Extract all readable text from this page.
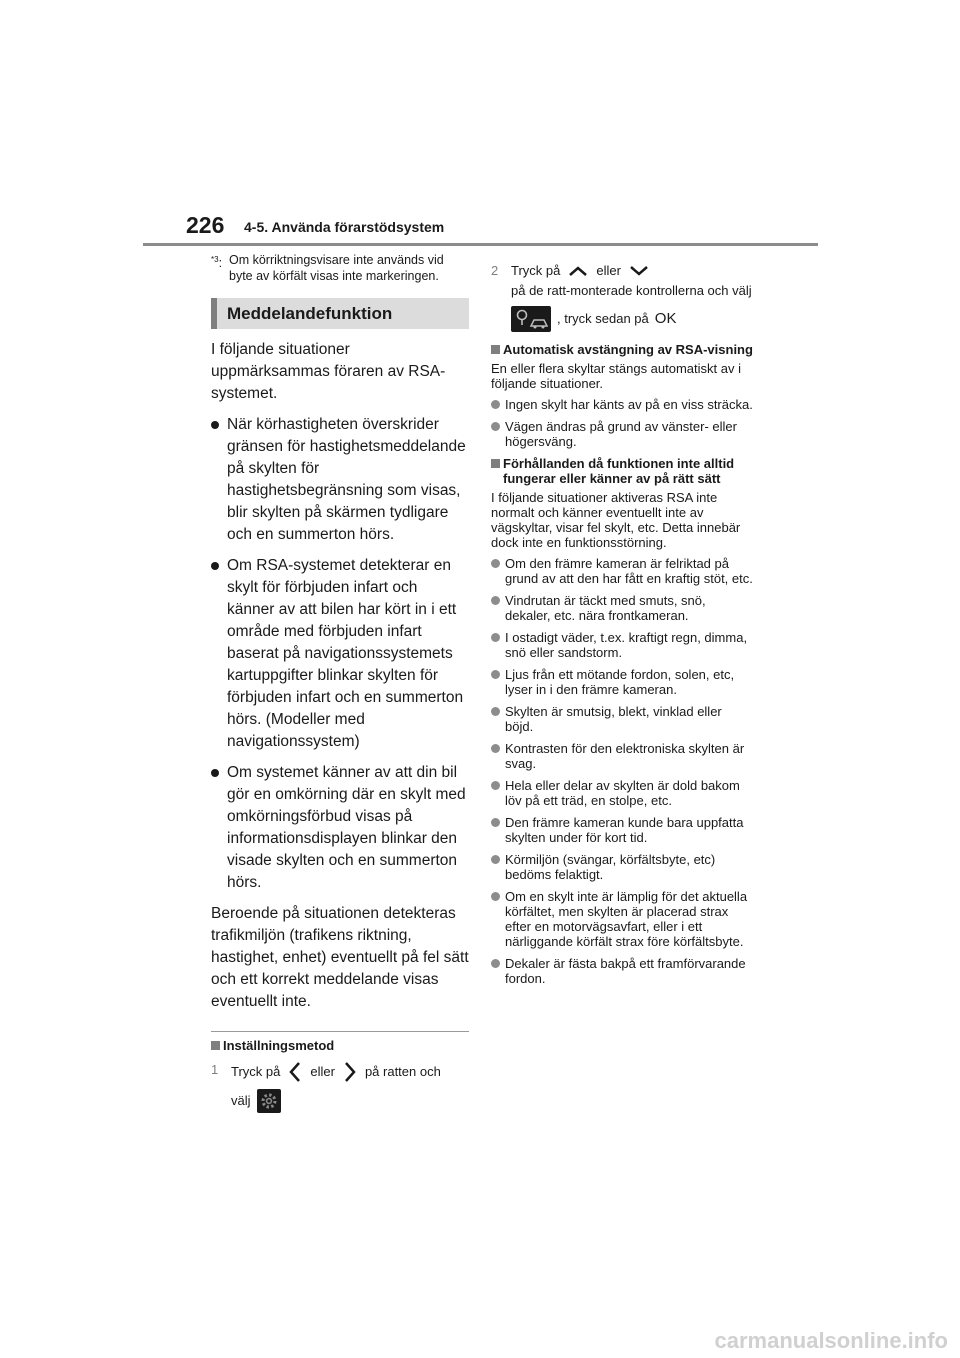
226 4-5. Använda förarstödsystem
$^{*3}$: Om körriktningsvisare inte används vid byte av körfält visas inte markeringen.
Meddelandefunktion

I följande situationer uppmärksammas föraren av RSA-systemet.

När körhastigheten överskrider gränsen för hastighetsmeddelande på skylten för hastighetsbegränsning som visas, blir skylten på skärmen tydligare och en summerton hörs.
Om RSA-systemet detekterar en skylt för förbjuden infart och känner av att bilen har kört in i ett område med förbjuden infart baserat på navigationssystemets kartuppgifter blinkar skylten för förbjuden infart och en summerton hörs. (Modeller med navigationssystem)
Om systemet känner av att din bil gör en omkörning där en skylt med omkörningsförbud visas på informationsdisplayen blinkar den visade skylten och en summerton hörs.

Beroende på situationen detekteras trafikmiljön (trafikens riktning, hastighet, enhet) eventuellt på fel sätt och ett korrekt meddelande visas eventuellt inte.

Inställningsmetod
1 Tryck på eller på ratten och
välj
2 Tryck på	eller
på de ratt-monterade kontrollerna och välj
, tryck sedan på OK
Automatisk avstängning av RSA-visning

En eller flera skyltar stängs automatiskt av i följande situationer.

Ingen skylt har känts av på en viss sträcka.
Vägen ändras på grund av vänster- eller högersväng.
Förhållanden då funktionen inte alltid fungerar eller känner av på rätt sätt

I följande situationer aktiveras RSA inte normalt och känner eventuellt inte av vägskyltar, visar fel skylt, etc. Detta innebär dock inte en funktionsstörning.

Om den främre kameran är felriktad på grund av att den har fått en kraftig stöt, etc.
Vindrutan är täckt med smuts, snö, dekaler, etc. nära frontkameran.
I ostadigt väder, t.ex. kraftigt regn, dimma, snö eller sandstorm.
Ljus från ett mötande fordon, solen, etc, lyser in i den främre kameran.
Skylten är smutsig, blekt, vinklad eller böjd.
Kontrasten för den elektroniska skylten är svag.
Hela eller delar av skylten är dold bakom löv på ett träd, en stolpe, etc.
Den främre kameran kunde bara uppfatta skylten under för kort tid.
Körmiljön (svängar, körfältsbyte, etc) bedöms felaktigt.
Om en skylt inte är lämplig för det aktuella körfältet, men skylten är placerad strax efter en motorvägsavfart, eller i ett närliggande körfält strax före körfältsbyte.
Dekaler är fästa bakpå ett framförvarande fordon.
carmanualsonline.info
